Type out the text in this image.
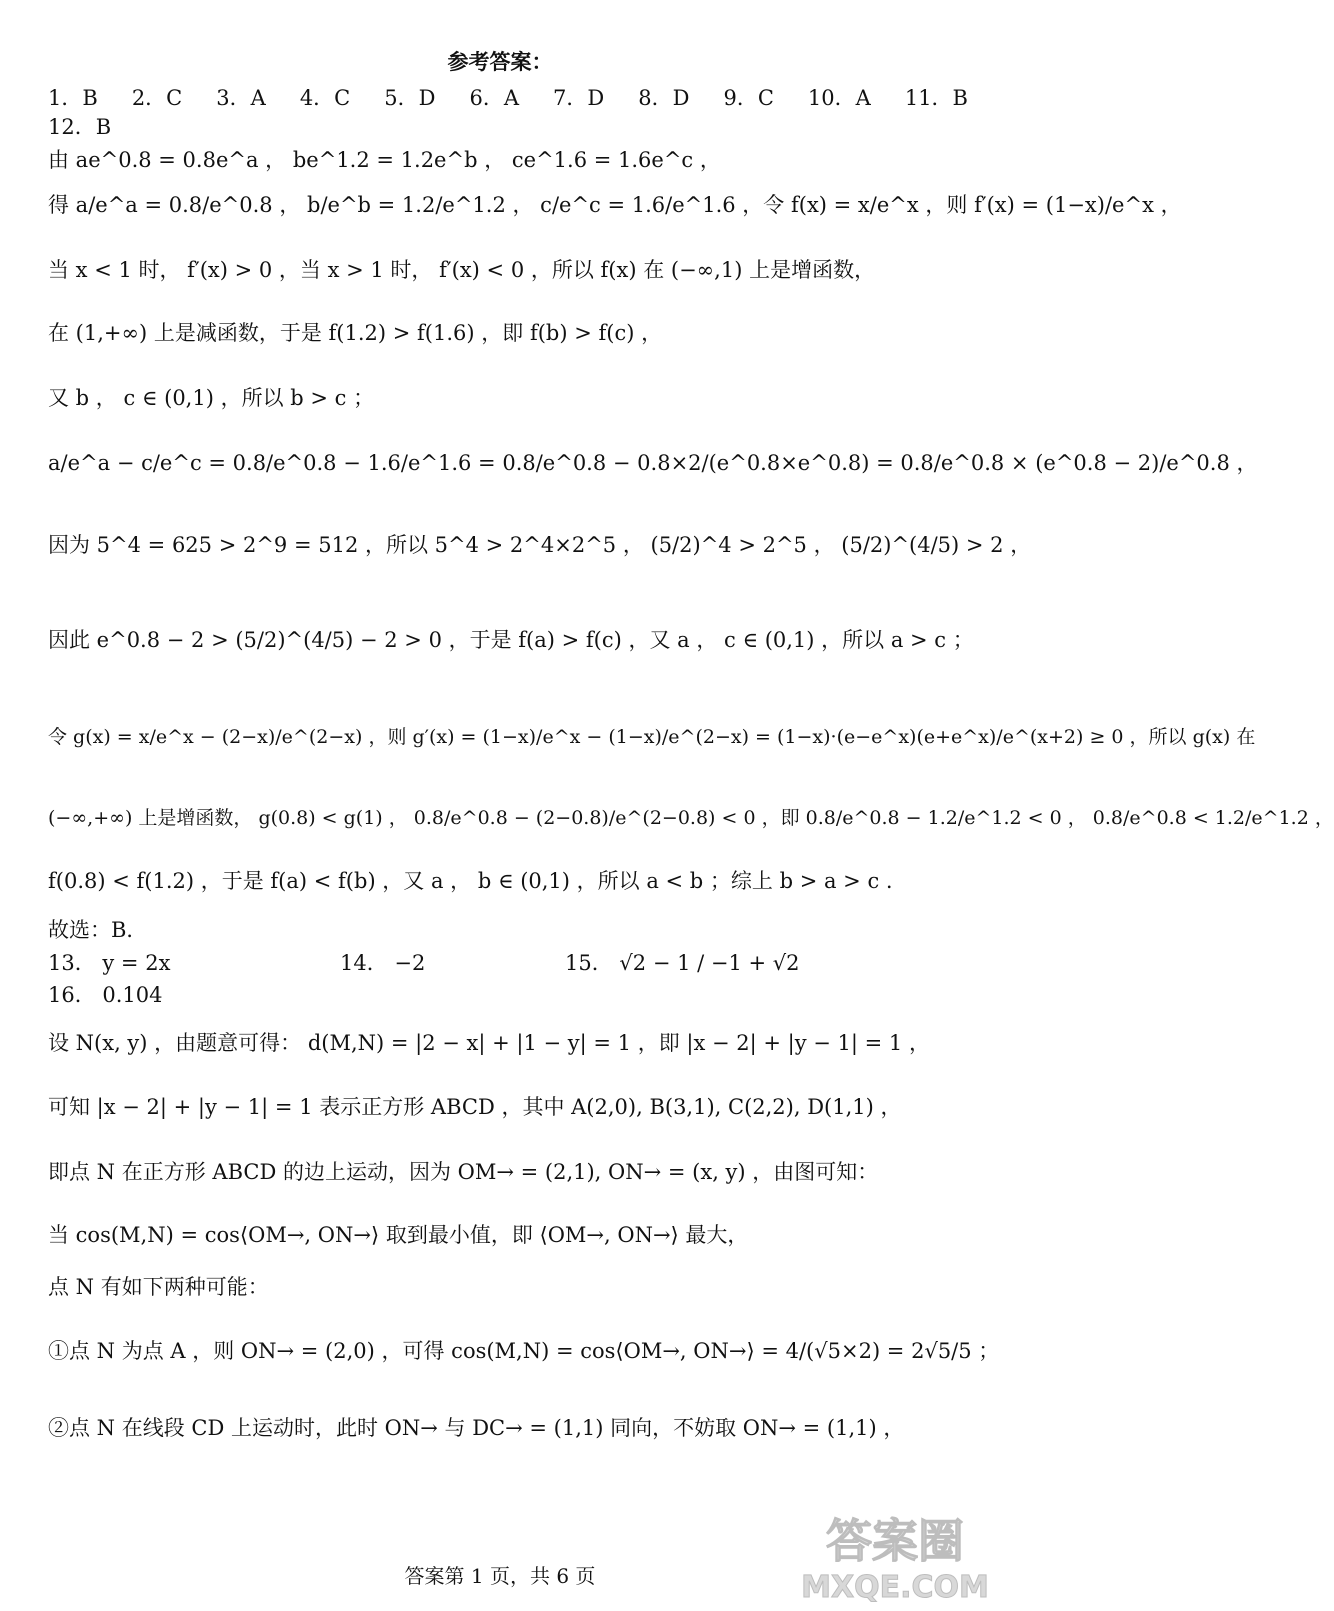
参考答案：
1．B 2．C 3．A 4．C 5．D 6．A 7．D 8．D 9．C 10．A 11．B
12．B
由 ae^0.8 = 0.8e^a ， be^1.2 = 1.2e^b ， ce^1.6 = 1.6e^c ，
得 a/e^a = 0.8/e^0.8 ， b/e^b = 1.2/e^1.2 ， c/e^c = 1.6/e^1.6 ，令 f(x) = x/e^x ，则 f′(x) = (1−x)/e^x ，
当 x < 1 时， f′(x) > 0 ，当 x > 1 时， f′(x) < 0 ，所以 f(x) 在 (−∞,1) 上是增函数，
在 (1,+∞) 上是减函数，于是 f(1.2) > f(1.6) ，即 f(b) > f(c) ，
又 b ， c ∈ (0,1) ，所以 b > c ；
a/e^a − c/e^c = 0.8/e^0.8 − 1.6/e^1.6 = 0.8/e^0.8 − 0.8×2/(e^0.8×e^0.8) = 0.8/e^0.8 × (e^0.8 − 2)/e^0.8 ，
因为 5^4 = 625 > 2^9 = 512 ，所以 5^4 > 2^4×2^5 ， (5/2)^4 > 2^5 ， (5/2)^(4/5) > 2 ，
因此 e^0.8 − 2 > (5/2)^(4/5) − 2 > 0 ，于是 f(a) > f(c) ，又 a ， c ∈ (0,1) ，所以 a > c ；
令 g(x) = x/e^x − (2−x)/e^(2−x) ，则 g′(x) = (1−x)/e^x − (1−x)/e^(2−x) = (1−x)·(e−e^x)(e+e^x)/e^(x+2) ≥ 0 ，所以 g(x) 在
(−∞,+∞) 上是增函数， g(0.8) < g(1) ， 0.8/e^0.8 − (2−0.8)/e^(2−0.8) < 0 ，即 0.8/e^0.8 − 1.2/e^1.2 < 0 ， 0.8/e^0.8 < 1.2/e^1.2 ，
f(0.8) < f(1.2) ，于是 f(a) < f(b) ，又 a ， b ∈ (0,1) ，所以 a < b ；综上 b > a > c .
故选：B．
13． y = 2x	14． −2	15． √2 − 1 / −1 + √2
16． 0.104
设 N(x, y) ，由题意可得： d(M,N) = |2 − x| + |1 − y| = 1 ，即 |x − 2| + |y − 1| = 1 ，
可知 |x − 2| + |y − 1| = 1 表示正方形 ABCD ，其中 A(2,0), B(3,1), C(2,2), D(1,1) ，
即点 N 在正方形 ABCD 的边上运动，因为 OM→ = (2,1), ON→ = (x, y) ，由图可知：
当 cos(M,N) = cos⟨OM→, ON→⟩ 取到最小值，即 ⟨OM→, ON→⟩ 最大，
点 N 有如下两种可能：
①点 N 为点 A ，则 ON→ = (2,0) ，可得 cos(M,N) = cos⟨OM→, ON→⟩ = 4/(√5×2) = 2√5/5 ；
②点 N 在线段 CD 上运动时，此时 ON→ 与 DC→ = (1,1) 同向，不妨取 ON→ = (1,1) ，
答案第 1 页，共 6 页
答案圈
MXQE.COM
